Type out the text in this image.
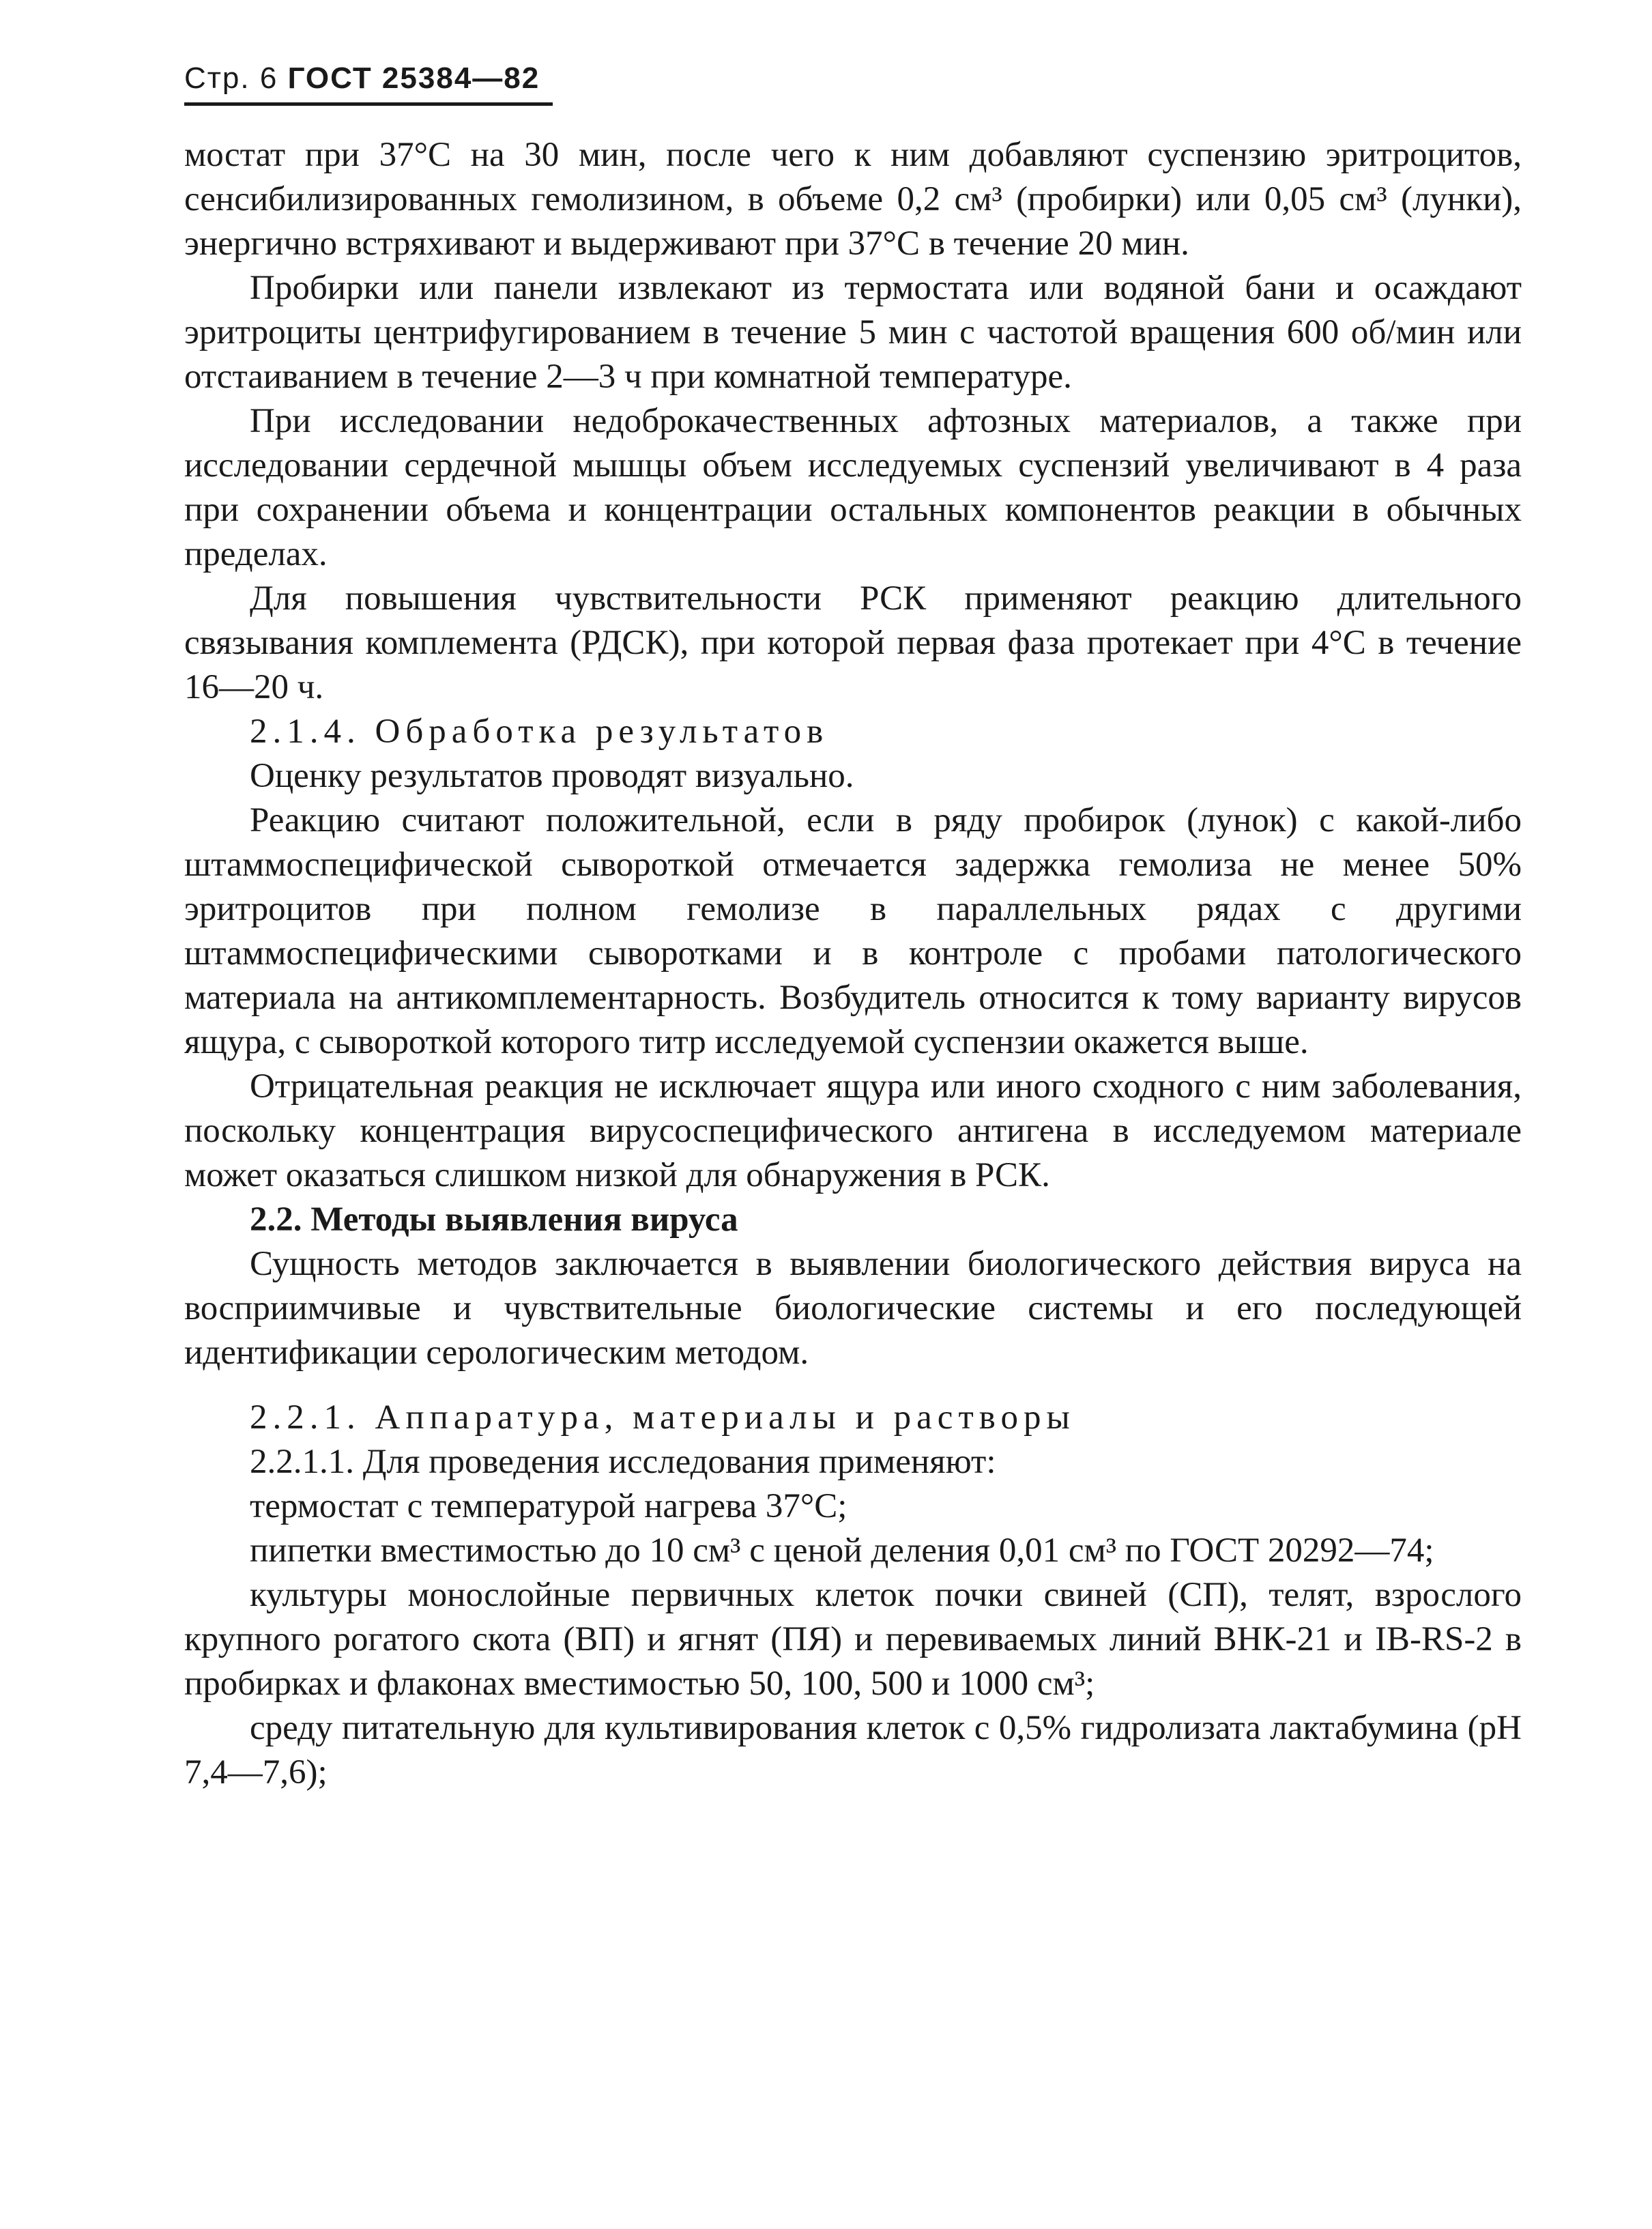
Стр. 6 ГОСТ 25384—82

мостат при 37°С на 30 мин, после чего к ним добавляют суспензию эритроцитов, сенсибилизированных гемолизином, в объеме 0,2 см³ (пробирки) или 0,05 см³ (лунки), энергично встряхивают и выдерживают при 37°С в течение 20 мин.

Пробирки или панели извлекают из термостата или водяной бани и осаждают эритроциты центрифугированием в течение 5 мин с частотой вращения 600 об/мин или отстаиванием в течение 2—3 ч при комнатной температуре.

При исследовании недоброкачественных афтозных материалов, а также при исследовании сердечной мышцы объем исследуемых суспензий увеличивают в 4 раза при сохранении объема и концентрации остальных компонентов реакции в обычных пределах.

Для повышения чувствительности РСК применяют реакцию длительного связывания комплемента (РДСК), при которой первая фаза протекает при 4°С в течение 16—20 ч.

2.1.4. Обработка результатов

Оценку результатов проводят визуально.

Реакцию считают положительной, если в ряду пробирок (лунок) с какой-либо штаммоспецифической сывороткой отмечается задержка гемолиза не менее 50% эритроцитов при полном гемолизе в параллельных рядах с другими штаммоспецифическими сыворотками и в контроле с пробами патологического материала на антикомплементарность. Возбудитель относится к тому варианту вирусов ящура, с сывороткой которого титр исследуемой суспензии окажется выше.

Отрицательная реакция не исключает ящура или иного сходного с ним заболевания, поскольку концентрация вирусоспецифического антигена в исследуемом материале может оказаться слишком низкой для обнаружения в РСК.

2.2. Методы выявления вируса

Сущность методов заключается в выявлении биологического действия вируса на восприимчивые и чувствительные биологические системы и его последующей идентификации серологическим методом.

2.2.1. Аппаратура, материалы и растворы

2.2.1.1. Для проведения исследования применяют:

термостат с температурой нагрева 37°С;

пипетки вместимостью до 10 см³ с ценой деления 0,01 см³ по ГОСТ 20292—74;

культуры монослойные первичных клеток почки свиней (СП), телят, взрослого крупного рогатого скота (ВП) и ягнят (ПЯ) и перевиваемых линий ВНК-21 и IB-RS-2 в пробирках и флаконах вместимостью 50, 100, 500 и 1000 см³;

среду питательную для культивирования клеток с 0,5% гидролизата лактабумина (рН 7,4—7,6);
